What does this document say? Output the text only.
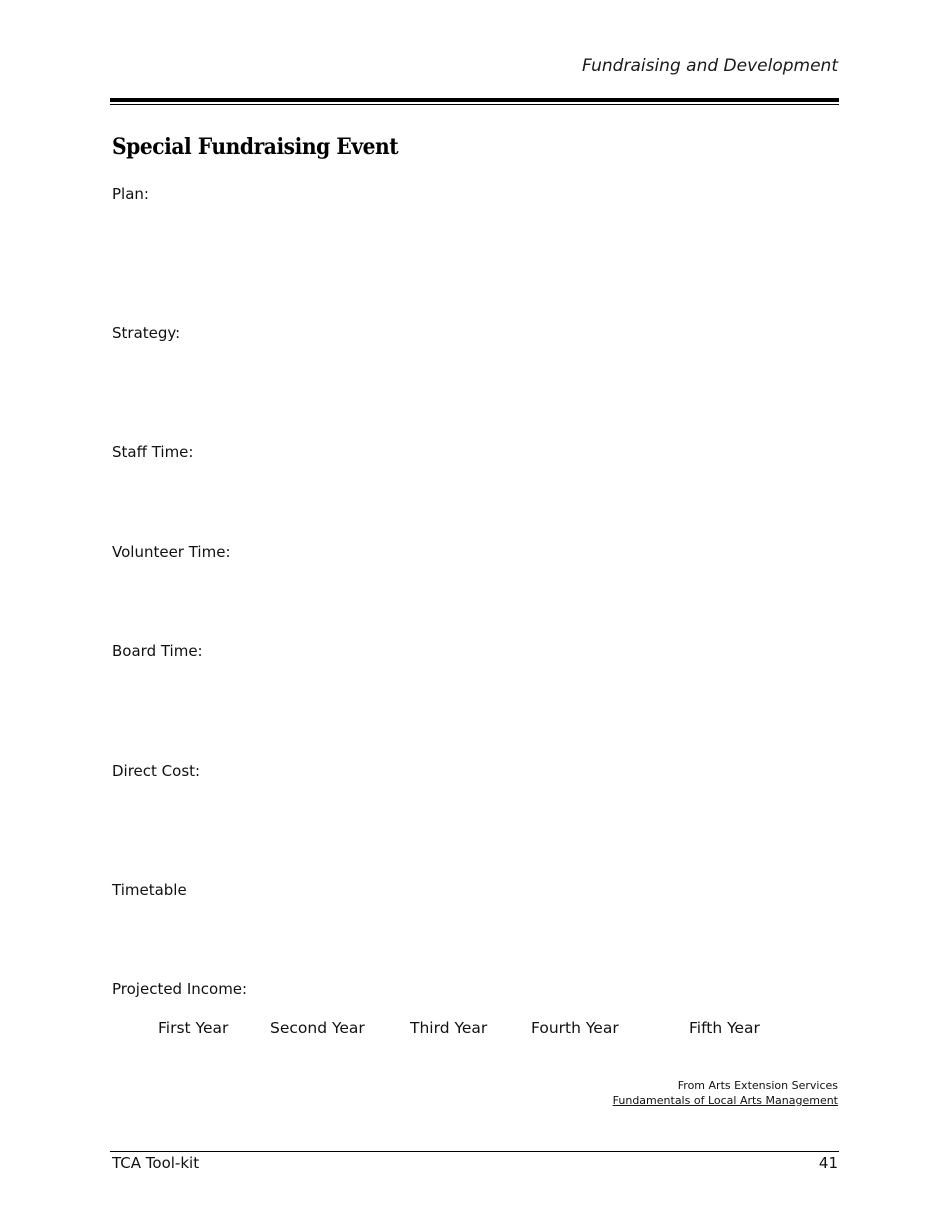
Fundraising and Development
Special Fundraising Event
Plan:
Strategy:
Staff Time:
Volunteer Time:
Board Time:
Direct Cost:
Timetable
Projected Income:
First Year	Second Year	Third Year	Fourth Year	Fifth Year
From Arts Extension Services
Fundamentals of Local Arts Management
TCA Tool-kit	41
